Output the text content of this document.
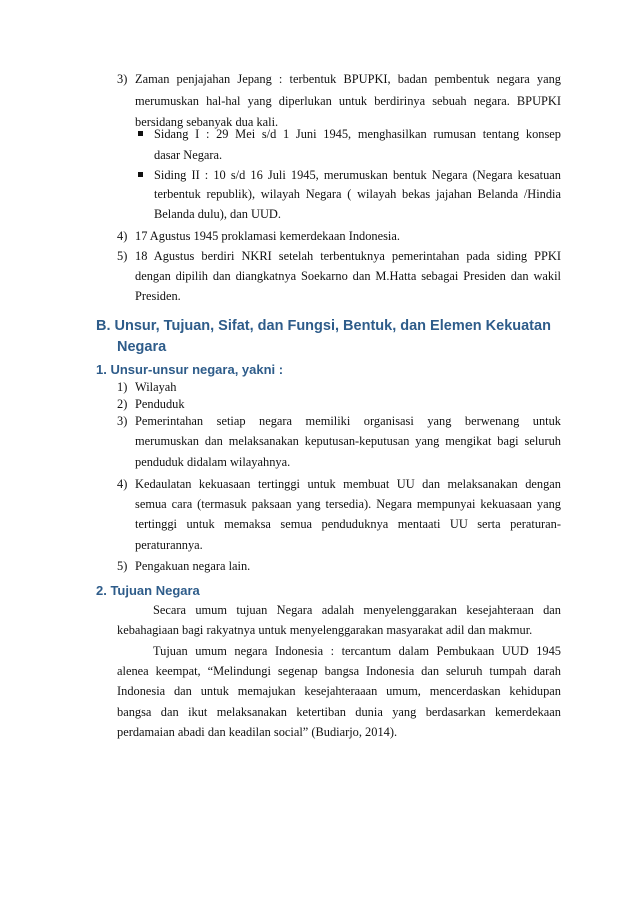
3) Zaman penjajahan Jepang : terbentuk BPUPKI, badan pembentuk negara yang
merumuskan hal-hal yang diperlukan untuk berdirinya sebuah negara. BPUPKI
bersidang sebanyak dua kali.
Sidang I : 29 Mei s/d 1 Juni 1945, menghasilkan rumusan tentang konsep
dasar Negara.
Siding II : 10 s/d 16 Juli 1945, merumuskan bentuk Negara (Negara kesatuan
terbentuk republik), wilayah Negara ( wilayah bekas jajahan Belanda /Hindia
Belanda dulu), dan UUD.
4) 17 Agustus 1945 proklamasi kemerdekaan Indonesia.
5) 18 Agustus berdiri NKRI setelah terbentuknya pemerintahan pada siding PPKI
dengan dipilih dan diangkatnya Soekarno dan M.Hatta sebagai Presiden dan wakil
Presiden.
B. Unsur, Tujuan, Sifat, dan Fungsi, Bentuk, dan Elemen Kekuatan
Negara
1. Unsur-unsur negara, yakni :
1) Wilayah
2) Penduduk
3) Pemerintahan setiap negara memiliki organisasi yang berwenang untuk
merumuskan dan melaksanakan keputusan-keputusan yang mengikat bagi seluruh
penduduk didalam wilayahnya.
4) Kedaulatan kekuasaan tertinggi untuk membuat UU dan melaksanakan dengan
semua cara (termasuk paksaan yang tersedia). Negara mempunyai kekuasaan yang
tertinggi untuk memaksa semua penduduknya mentaati UU serta peraturan-
peraturannya.
5) Pengakuan negara lain.
2. Tujuan Negara
Secara umum tujuan Negara adalah menyelenggarakan kesejahteraan dan
kebahagiaan bagi rakyatnya untuk menyelenggarakan masyarakat adil dan makmur.
Tujuan umum negara Indonesia : tercantum dalam Pembukaan UUD 1945
alenea keempat, “Melindungi segenap bangsa Indonesia dan seluruh tumpah darah
Indonesia dan untuk memajukan kesejahteraaan umum, mencerdaskan kehidupan
bangsa dan ikut melaksanakan ketertiban dunia yang berdasarkan kemerdekaan
perdamaian abadi dan keadilan social” (Budiarjo, 2014).
